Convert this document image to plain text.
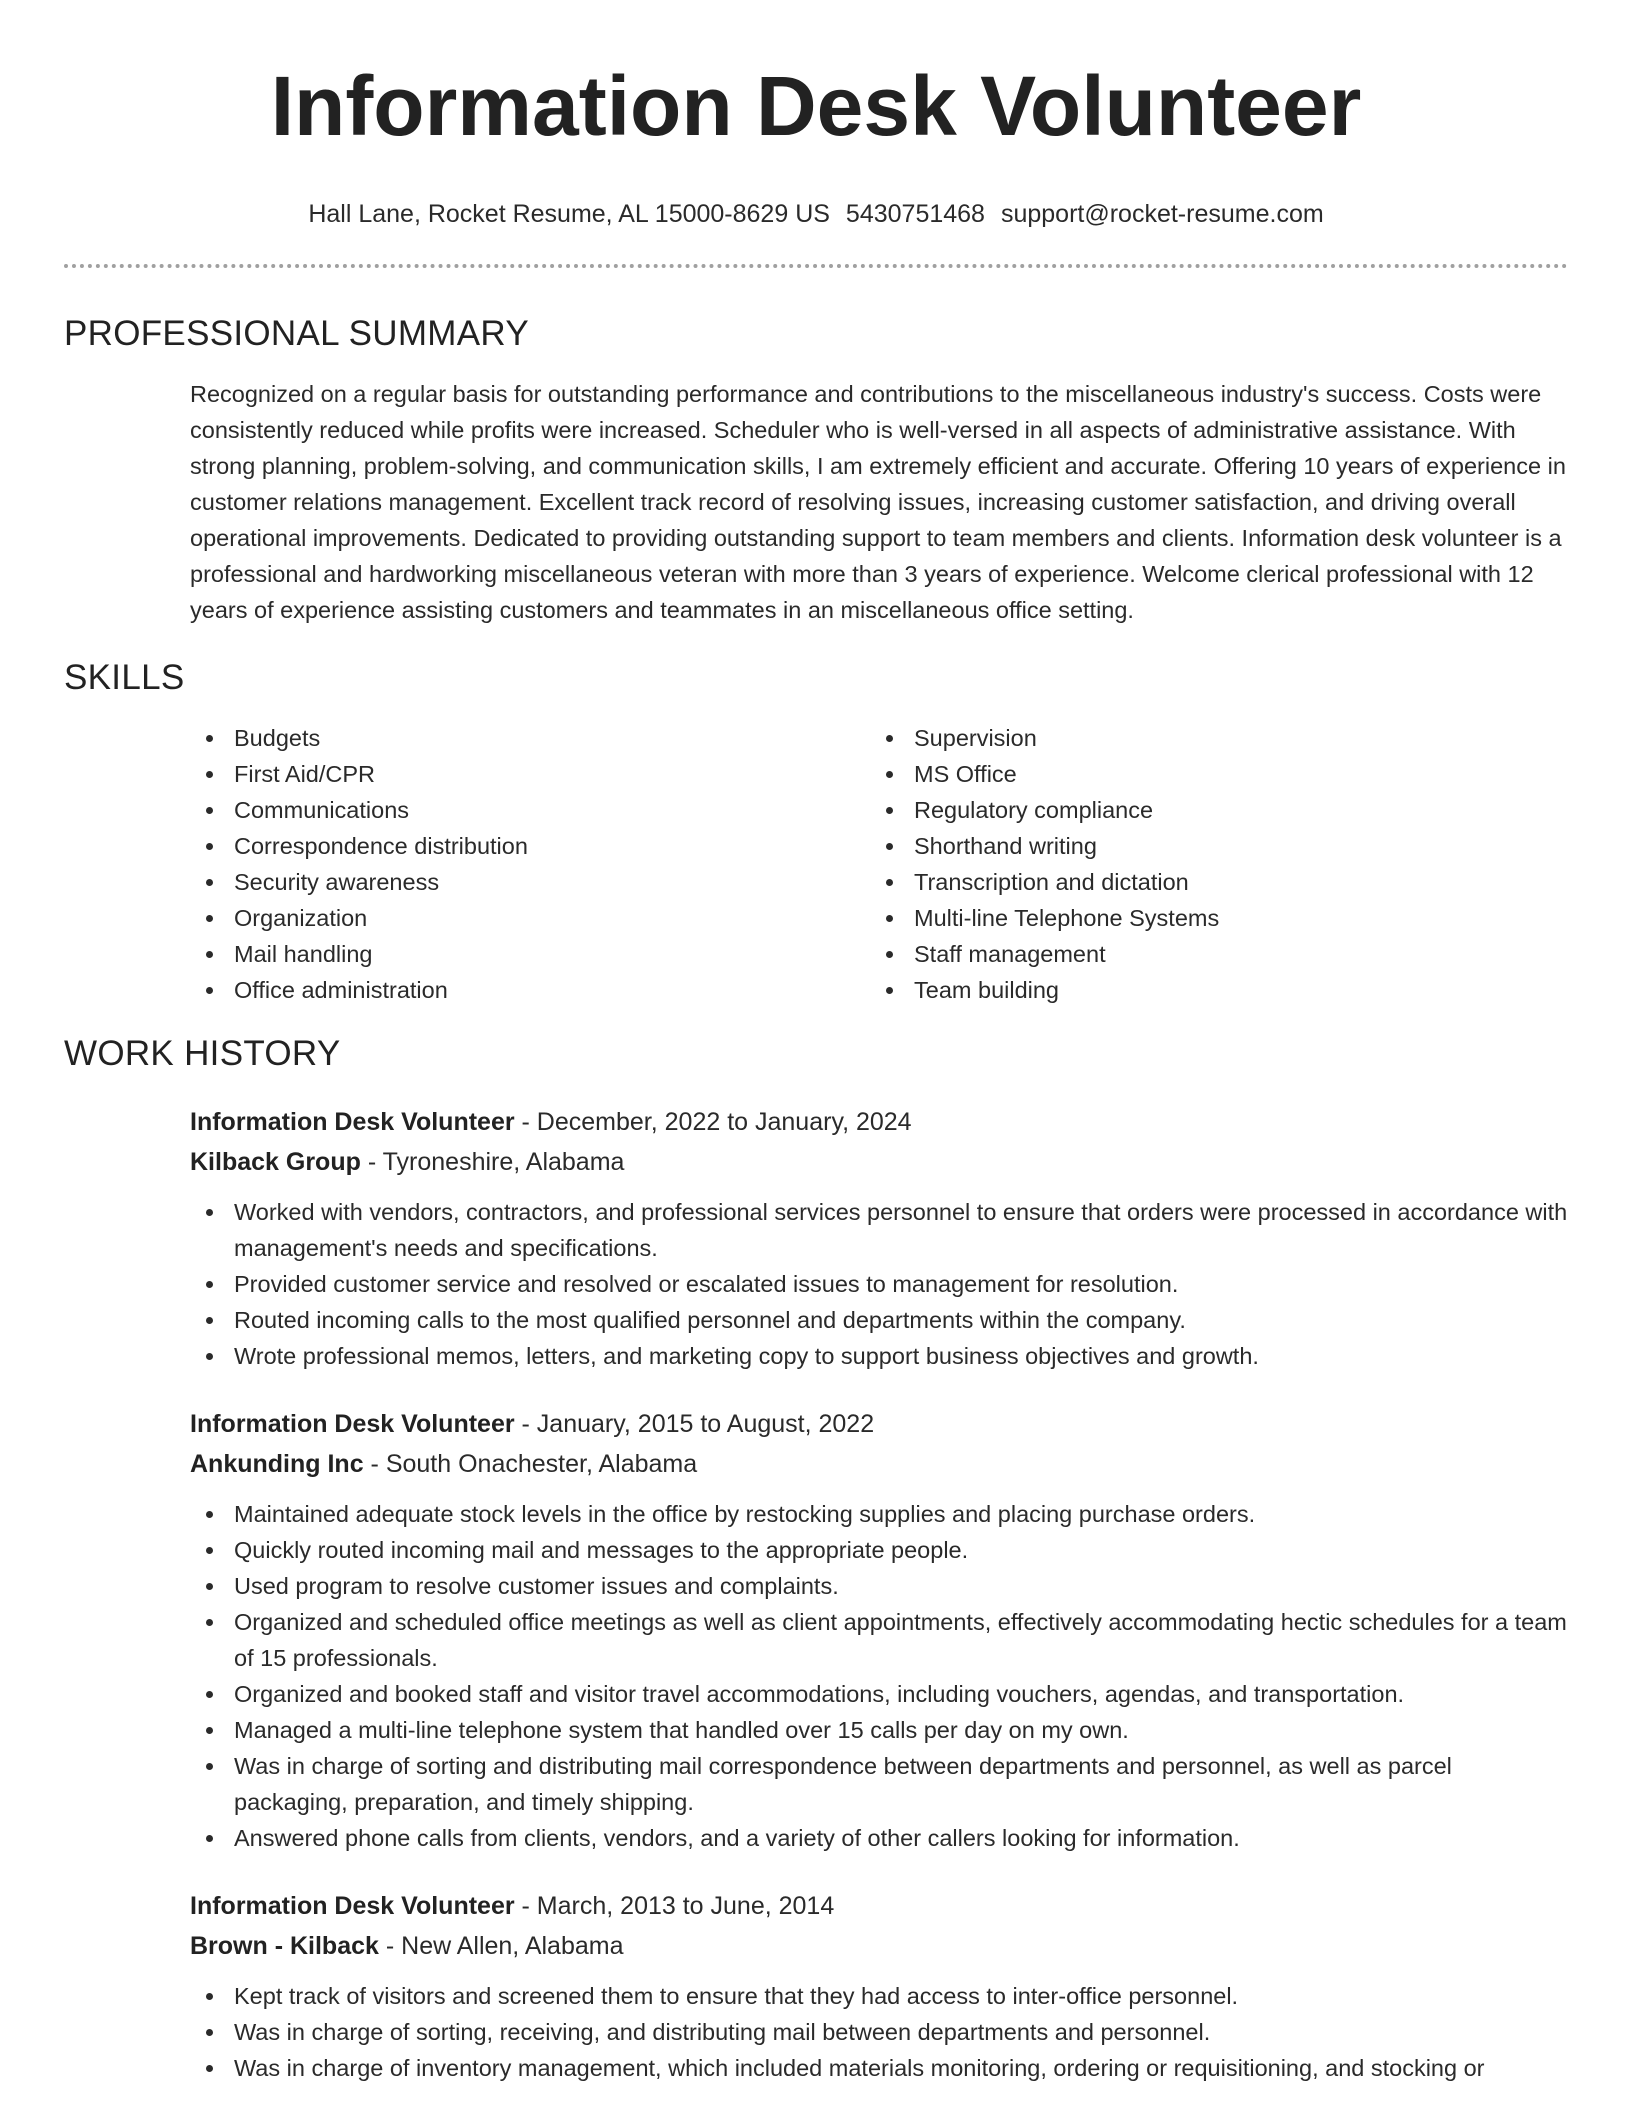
Information Desk Volunteer
Hall Lane, Rocket Resume, AL 15000-8629 US 5430751468 support@rocket-resume.com
PROFESSIONAL SUMMARY

Recognized on a regular basis for outstanding performance and contributions to the miscellaneous industry's success. Costs were consistently reduced while profits were increased. Scheduler who is well-versed in all aspects of administrative assistance. With strong planning, problem-solving, and communication skills, I am extremely efficient and accurate. Offering 10 years of experience in customer relations management. Excellent track record of resolving issues, increasing customer satisfaction, and driving overall operational improvements. Dedicated to providing outstanding support to team members and clients. Information desk volunteer is a professional and hardworking miscellaneous veteran with more than 3 years of experience. Welcome clerical professional with 12 years of experience assisting customers and teammates in an miscellaneous office setting.

SKILLS
Budgets
First Aid/CPR
Communications
Correspondence distribution
Security awareness
Organization
Mail handling
Office administration
Supervision
MS Office
Regulatory compliance
Shorthand writing
Transcription and dictation
Multi-line Telephone Systems
Staff management
Team building
WORK HISTORY
Information Desk Volunteer - December, 2022 to January, 2024
Kilback Group - Tyroneshire, Alabama
Worked with vendors, contractors, and professional services personnel to ensure that orders were processed in accordance with management's needs and specifications.
Provided customer service and resolved or escalated issues to management for resolution.
Routed incoming calls to the most qualified personnel and departments within the company.
Wrote professional memos, letters, and marketing copy to support business objectives and growth.
Information Desk Volunteer - January, 2015 to August, 2022
Ankunding Inc - South Onachester, Alabama
Maintained adequate stock levels in the office by restocking supplies and placing purchase orders.
Quickly routed incoming mail and messages to the appropriate people.
Used program to resolve customer issues and complaints.
Organized and scheduled office meetings as well as client appointments, effectively accommodating hectic schedules for a team of 15 professionals.
Organized and booked staff and visitor travel accommodations, including vouchers, agendas, and transportation.
Managed a multi-line telephone system that handled over 15 calls per day on my own.
Was in charge of sorting and distributing mail correspondence between departments and personnel, as well as parcel packaging, preparation, and timely shipping.
Answered phone calls from clients, vendors, and a variety of other callers looking for information.
Information Desk Volunteer - March, 2013 to June, 2014
Brown - Kilback - New Allen, Alabama
Kept track of visitors and screened them to ensure that they had access to inter-office personnel.
Was in charge of sorting, receiving, and distributing mail between departments and personnel.
Was in charge of inventory management, which included materials monitoring, ordering or requisitioning, and stocking or
